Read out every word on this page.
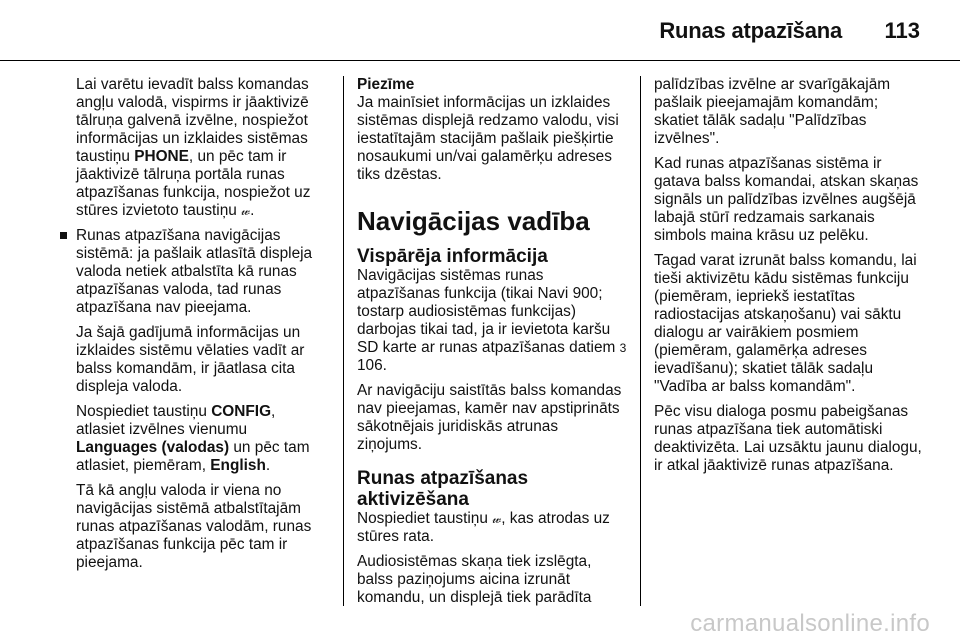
Runas atpazīšana 113

Lai varētu ievadīt balss komandas angļu valodā, vispirms ir jāaktivizē tālruņa galvenā izvēlne, nospiežot informācijas un izklaides sistēmas taustiņu PHONE, un pēc tam ir jāaktivizē tālruņa portāla runas atpazīšanas funkcija, nospiežot uz stūres izvietoto taustiņu 𝓌.

Runas atpazīšana navigācijas sistēmā: ja pašlaik atlasītā displeja valoda netiek atbalstīta kā runas atpazīšanas valoda, tad runas atpazīšana nav pieejama.

Ja šajā gadījumā informācijas un izklaides sistēmu vēlaties vadīt ar balss komandām, ir jāatlasa cita displeja valoda.

Nospiediet taustiņu CONFIG, atlasiet izvēlnes vienumu Languages (valodas) un pēc tam atlasiet, piemēram, English.

Tā kā angļu valoda ir viena no navigācijas sistēmā atbalstītajām runas atpazīšanas valodām, runas atpazīšanas funkcija pēc tam ir pieejama.

Piezīme

Ja mainīsiet informācijas un izklaides sistēmas displejā redzamo valodu, visi iestatītajām stacijām pašlaik piešķirtie nosaukumi un/vai galamērķu adreses tiks dzēstas.

Navigācijas vadība
Vispārēja informācija

Navigācijas sistēmas runas atpazīšanas funkcija (tikai Navi 900; tostarp audiosistēmas funkcijas) darbojas tikai tad, ja ir ievietota karšu SD karte ar runas atpazīšanas datiem 3 106.

Ar navigāciju saistītās balss komandas nav pieejamas, kamēr nav apstiprināts sākotnējais juridiskās atrunas ziņojums.

Runas atpazīšanas
aktivizēšana

Nospiediet taustiņu 𝓌, kas atrodas uz stūres rata.

Audiosistēmas skaņa tiek izslēgta, balss paziņojums aicina izrunāt komandu, un displejā tiek parādīta

palīdzības izvēlne ar svarīgākajām pašlaik pieejamajām komandām; skatiet tālāk sadaļu "Palīdzības izvēlnes".

Kad runas atpazīšanas sistēma ir gatava balss komandai, atskan skaņas signāls un palīdzības izvēlnes augšējā labajā stūrī redzamais sarkanais simbols maina krāsu uz pelēku.

Tagad varat izrunāt balss komandu, lai tieši aktivizētu kādu sistēmas funkciju (piemēram, iepriekš iestatītas radiostacijas atskaņošanu) vai sāktu dialogu ar vairākiem posmiem (piemēram, galamērķa adreses ievadīšanu); skatiet tālāk sadaļu "Vadība ar balss komandām".

Pēc visu dialoga posmu pabeigšanas runas atpazīšana tiek automātiski deaktivizēta. Lai uzsāktu jaunu dialogu, ir atkal jāaktivizē runas atpazīšana.

carmanualsonline.info
